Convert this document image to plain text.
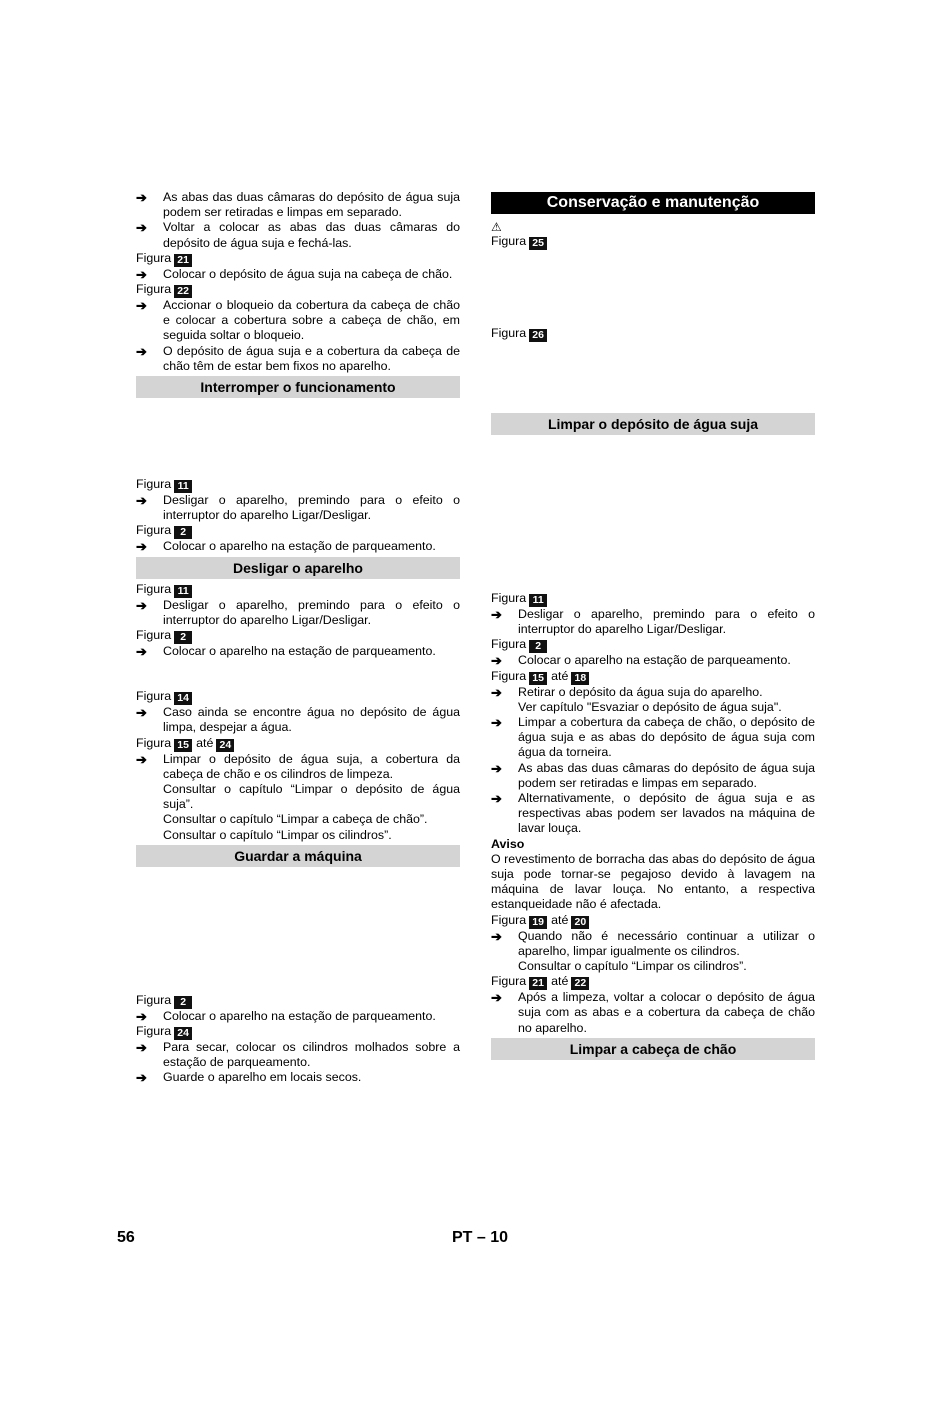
➔	As abas das duas câmaras do depósito de água suja podem ser retiradas e limpas em separado.
➔	Voltar a colocar as abas das duas câmaras do depósito de água suja e fechá-las.
Figura 21
➔	Colocar o depósito de água suja na cabeça de chão.
Figura 22
➔	Accionar o bloqueio da cobertura da cabeça de chão e colocar a cobertura sobre a cabeça de chão, em seguida soltar o bloqueio.
➔	O depósito de água suja e a cobertura da cabeça de chão têm de estar bem fixos no aparelho.
Interromper o funcionamento
Figura 11
➔	Desligar o aparelho, premindo para o efeito o interruptor do aparelho Ligar/Desligar.
Figura 2
➔	Colocar o aparelho na estação de parqueamento.
Desligar o aparelho
Figura 11
➔	Desligar o aparelho, premindo para o efeito o interruptor do aparelho Ligar/Desligar.
Figura 2
➔	Colocar o aparelho na estação de parqueamento.
Figura 14
➔	Caso ainda se encontre água no depósito de água limpa, despejar a água.
Figura 15 até 24
➔	Limpar o depósito de água suja, a cobertura da cabeça de chão e os cilindros de limpeza.
Consultar o capítulo “Limpar o depósito de água suja”.
Consultar o capítulo “Limpar a cabeça de chão”.
Consultar o capítulo “Limpar os cilindros”.
Guardar a máquina
Figura 2
➔	Colocar o aparelho na estação de parqueamento.
Figura 24
➔	Para secar, colocar os cilindros molhados sobre a estação de parqueamento.
➔	Guarde o aparelho em locais secos.
Conservação e manutenção
⚠
Figura 25
Figura 26
Limpar o depósito de água suja
Figura 11
➔	Desligar o aparelho, premindo para o efeito o interruptor do aparelho Ligar/Desligar.
Figura 2
➔	Colocar o aparelho na estação de parqueamento.
Figura 15 até 18
➔	Retirar o depósito da água suja do aparelho.
Ver capítulo "Esvaziar o depósito de água suja".
➔	Limpar a cobertura da cabeça de chão, o depósito de água suja e as abas do depósito de água suja com água da torneira.
➔	As abas das duas câmaras do depósito de água suja podem ser retiradas e limpas em separado.
➔	Alternativamente, o depósito de água suja e as respectivas abas podem ser lavados na máquina de lavar louça.
Aviso
O revestimento de borracha das abas do depósito de água suja pode tornar-se pegajoso devido à lavagem na máquina de lavar louça. No entanto, a respectiva estanqueidade não é afectada.
Figura 19 até 20
➔	Quando não é necessário continuar a utilizar o aparelho, limpar igualmente os cilindros.
Consultar o capítulo “Limpar os cilindros”.
Figura 21 até 22
➔	Após a limpeza, voltar a colocar o depósito de água suja com as abas e a cobertura da cabeça de chão no aparelho.
Limpar a cabeça de chão
56	PT – 10
